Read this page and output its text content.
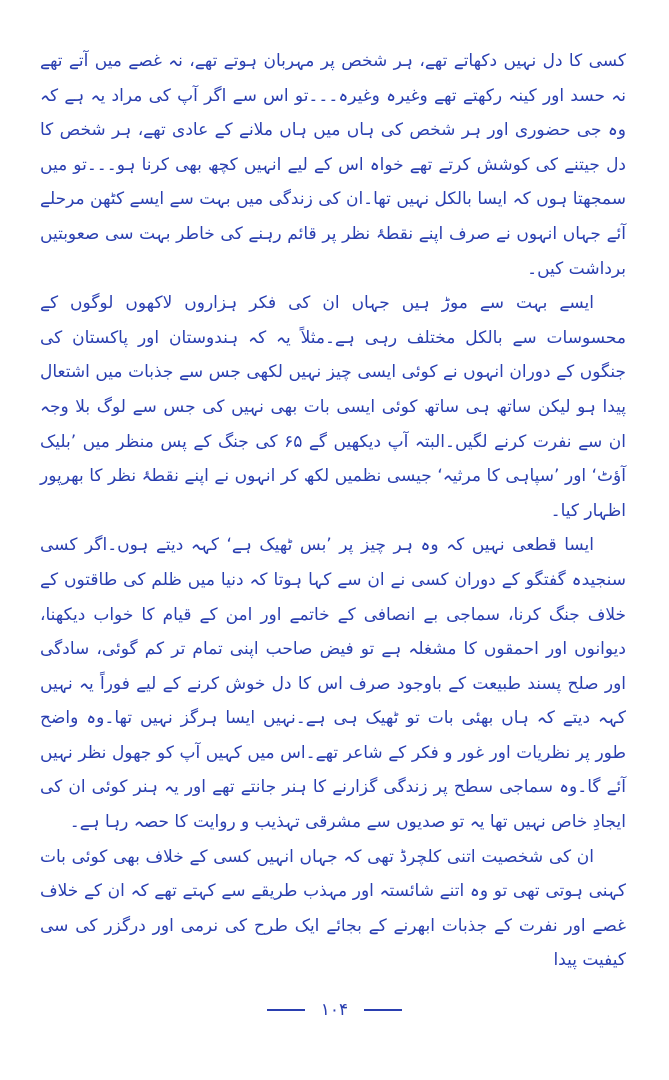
کسی کا دل نہیں دکھاتے تھے، ہر شخص پر مہربان ہوتے تھے، نہ غصے میں آتے تھے نہ حسد اور کینہ رکھتے تھے وغیرہ وغیرہ۔۔۔تو اس سے اگر آپ کی مراد یہ ہے کہ وہ جی حضوری اور ہر شخص کی ہاں میں ہاں ملانے کے عادی تھے، ہر شخص کا دل جیتنے کی کوشش کرتے تھے خواہ اس کے لیے انہیں کچھ بھی کرنا ہو۔۔۔تو میں سمجھتا ہوں کہ ایسا بالکل نہیں تھا۔ان کی زندگی میں بہت سے ایسے کٹھن مرحلے آئے جہاں انہوں نے صرف اپنے نقطۂ نظر پر قائم رہنے کی خاطر بہت سی صعوبتیں برداشت کیں۔

ایسے بہت سے موڑ ہیں جہاں ان کی فکر ہزاروں لاکھوں لوگوں کے محسوسات سے بالکل مختلف رہی ہے۔مثلاً یہ کہ ہندوستان اور پاکستان کی جنگوں کے دوران انہوں نے کوئی ایسی چیز نہیں لکھی جس سے جذبات میں اشتعال پیدا ہو لیکن ساتھ ہی ساتھ کوئی ایسی بات بھی نہیں کی جس سے لوگ بلا وجہ ان سے نفرت کرنے لگیں۔البتہ آپ دیکھیں گے ۶۵ کی جنگ کے پس منظر میں ’بلیک آؤٹ‘ اور ’سپاہی کا مرثیہ‘ جیسی نظمیں لکھ کر انہوں نے اپنے نقطۂ نظر کا بھرپور اظہار کیا۔

ایسا قطعی نہیں کہ وہ ہر چیز پر ’بس ٹھیک ہے‘ کہہ دیتے ہوں۔اگر کسی سنجیدہ گفتگو کے دوران کسی نے ان سے کہا ہوتا کہ دنیا میں ظلم کی طاقتوں کے خلاف جنگ کرنا، سماجی بے انصافی کے خاتمے اور امن کے قیام کا خواب دیکھنا، دیوانوں اور احمقوں کا مشغلہ ہے تو فیض صاحب اپنی تمام تر کم گوئی، سادگی اور صلح پسند طبیعت کے باوجود صرف اس کا دل خوش کرنے کے لیے فوراً یہ نہیں کہہ دیتے کہ ہاں بھئی بات تو ٹھیک ہی ہے۔نہیں ایسا ہرگز نہیں تھا۔وہ واضح طور پر نظریات اور غور و فکر کے شاعر تھے۔اس میں کہیں آپ کو جھول نظر نہیں آئے گا۔وہ سماجی سطح پر زندگی گزارنے کا ہنر جانتے تھے اور یہ ہنر کوئی ان کی ایجادِ خاص نہیں تھا یہ تو صدیوں سے مشرقی تہذیب و روایت کا حصہ رہا ہے۔

ان کی شخصیت اتنی کلچرڈ تھی کہ جہاں انہیں کسی کے خلاف بھی کوئی بات کہنی ہوتی تھی تو وہ اتنے شائستہ اور مہذب طریقے سے کہتے تھے کہ ان کے خلاف غصے اور نفرت کے جذبات ابھرنے کے بجائے ایک طرح کی نرمی اور درگزر کی سی کیفیت پیدا

۱۰۴
